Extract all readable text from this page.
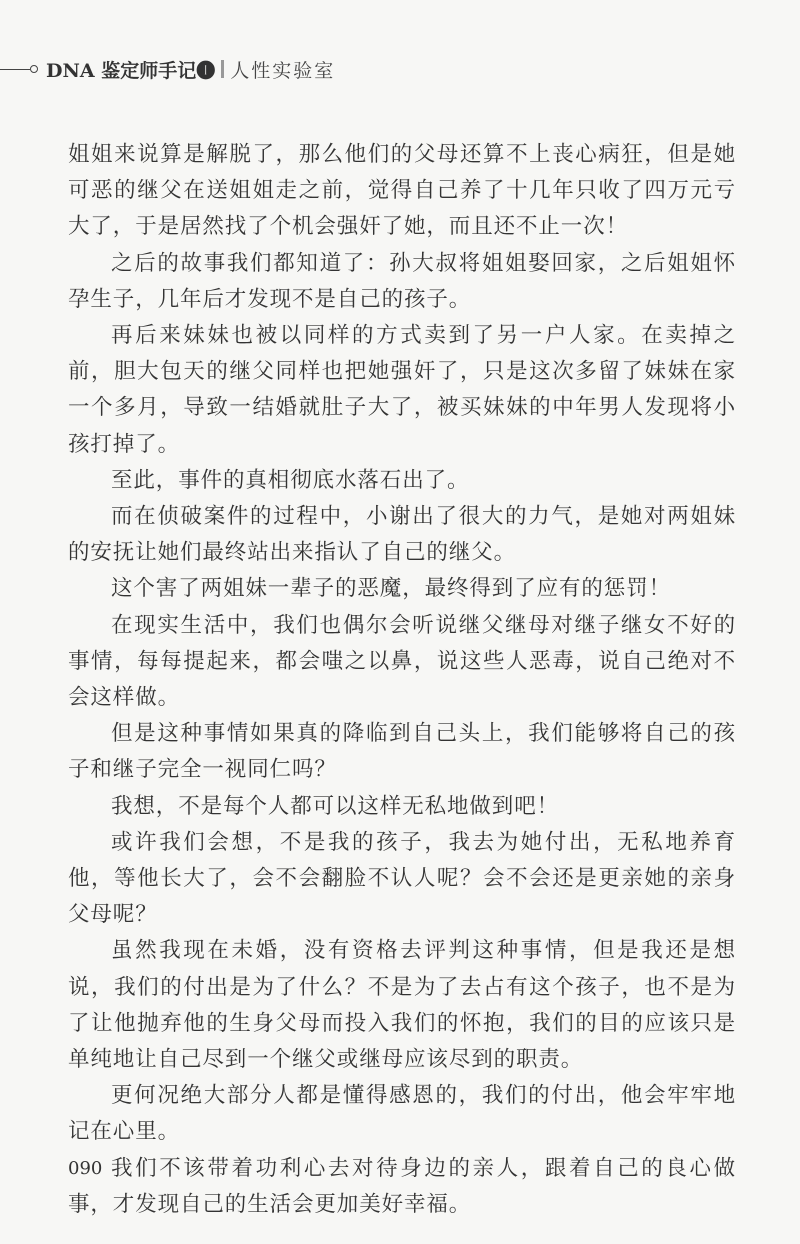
DNA 鉴定师手记❶ 人性实验室

姐姐来说算是解脱了，那么他们的父母还算不上丧心病狂，但是她可恶的继父在送姐姐走之前，觉得自己养了十几年只收了四万元亏大了，于是居然找了个机会强奸了她，而且还不止一次！

之后的故事我们都知道了：孙大叔将姐姐娶回家，之后姐姐怀孕生子，几年后才发现不是自己的孩子。

再后来妹妹也被以同样的方式卖到了另一户人家。在卖掉之前，胆大包天的继父同样也把她强奸了，只是这次多留了妹妹在家一个多月，导致一结婚就肚子大了，被买妹妹的中年男人发现将小孩打掉了。

至此，事件的真相彻底水落石出了。

而在侦破案件的过程中，小谢出了很大的力气，是她对两姐妹的安抚让她们最终站出来指认了自己的继父。

这个害了两姐妹一辈子的恶魔，最终得到了应有的惩罚！

在现实生活中，我们也偶尔会听说继父继母对继子继女不好的事情，每每提起来，都会嗤之以鼻，说这些人恶毒，说自己绝对不会这样做。

但是这种事情如果真的降临到自己头上，我们能够将自己的孩子和继子完全一视同仁吗？

我想，不是每个人都可以这样无私地做到吧！

或许我们会想，不是我的孩子，我去为她付出，无私地养育他，等他长大了，会不会翻脸不认人呢？会不会还是更亲她的亲身父母呢？

虽然我现在未婚，没有资格去评判这种事情，但是我还是想说，我们的付出是为了什么？不是为了去占有这个孩子，也不是为了让他抛弃他的生身父母而投入我们的怀抱，我们的目的应该只是单纯地让自己尽到一个继父或继母应该尽到的职责。

更何况绝大部分人都是懂得感恩的，我们的付出，他会牢牢地记在心里。

我们不该带着功利心去对待身边的亲人，跟着自己的良心做事，才发现自己的生活会更加美好幸福。

090
